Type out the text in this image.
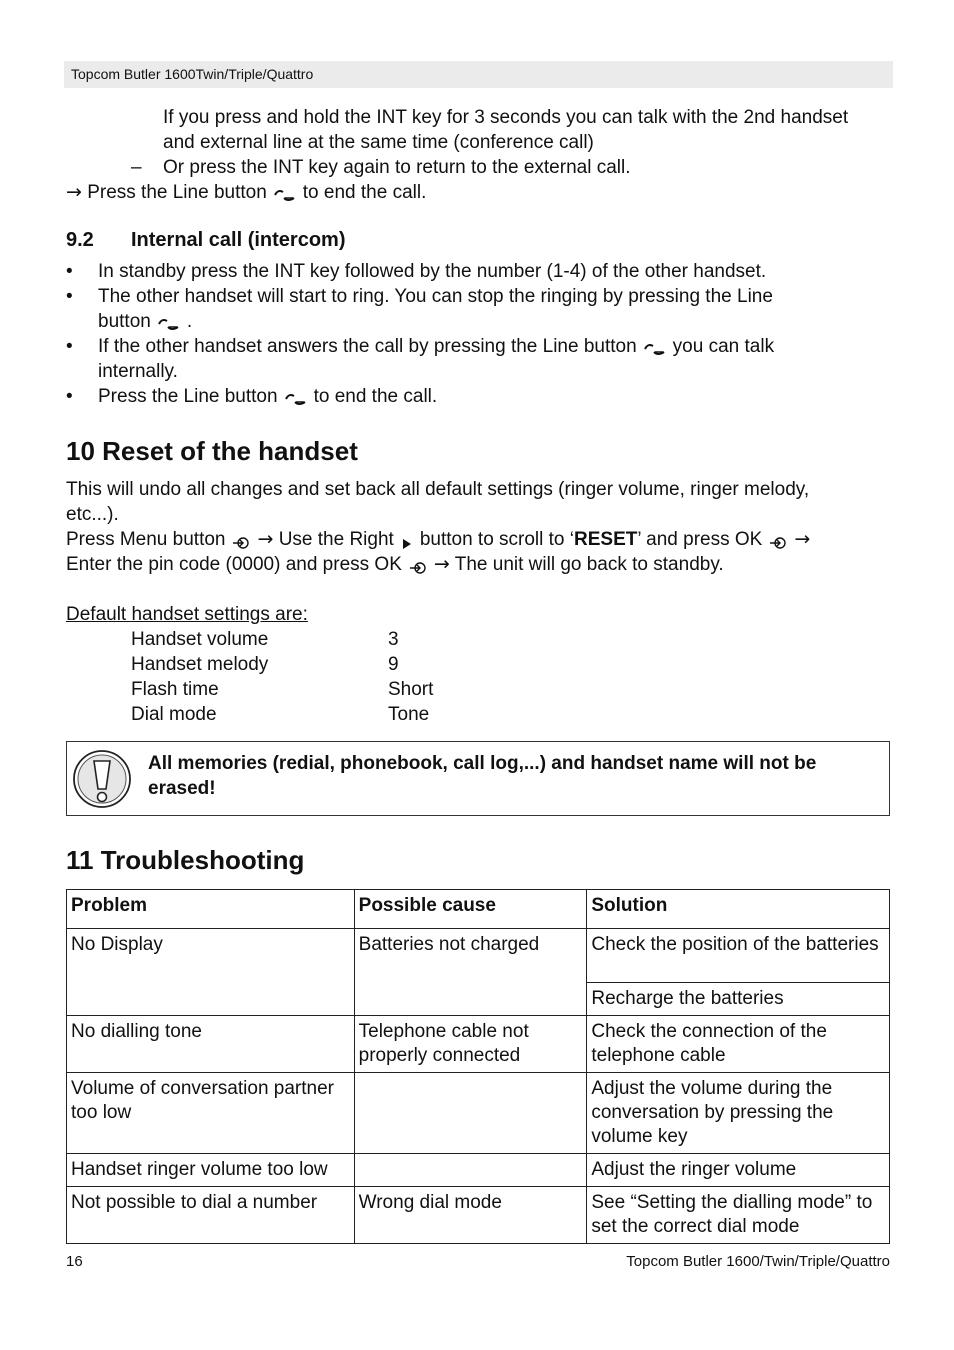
Topcom Butler 1600Twin/Triple/Quattro
If you press and hold the INT key for 3 seconds you can talk with the 2nd handset
and external line at the same time (conference call)
– Or press the INT key again to return to the external call.
→ Press the Line button to end the call.
9.2 Internal call (intercom)
• In standby press the INT key followed by the number (1-4) of the other handset.
• The other handset will start to ring. You can stop the ringing by pressing the Line
button .
• If the other handset answers the call by pressing the Line button you can talk
internally.
• Press the Line button to end the call.
10 Reset of the handset
This will undo all changes and set back all default settings (ringer volume, ringer melody,
etc...).
Press Menu button → Use the Right button to scroll to ‘RESET’ and press OK →
Enter the pin code (0000) and press OK → The unit will go back to standby.
Default handset settings are:
Handset volume	3
Handset melody	9
Flash time	Short
Dial mode	Tone
All memories (redial, phonebook, call log,...) and handset name will not be
erased!
11 Troubleshooting
Problem	Possible cause	Solution
No Display	Batteries not charged	Check the position of the batteries
		Recharge the batteries
No dialling tone	Telephone cable not properly connected	Check the connection of the telephone cable
Volume of conversation partner too low		Adjust the volume during the conversation by pressing the volume key
Handset ringer volume too low		Adjust the ringer volume
Not possible to dial a number	Wrong dial mode	See “Setting the dialling mode” to set the correct dial mode
16	Topcom Butler 1600/Twin/Triple/Quattro
